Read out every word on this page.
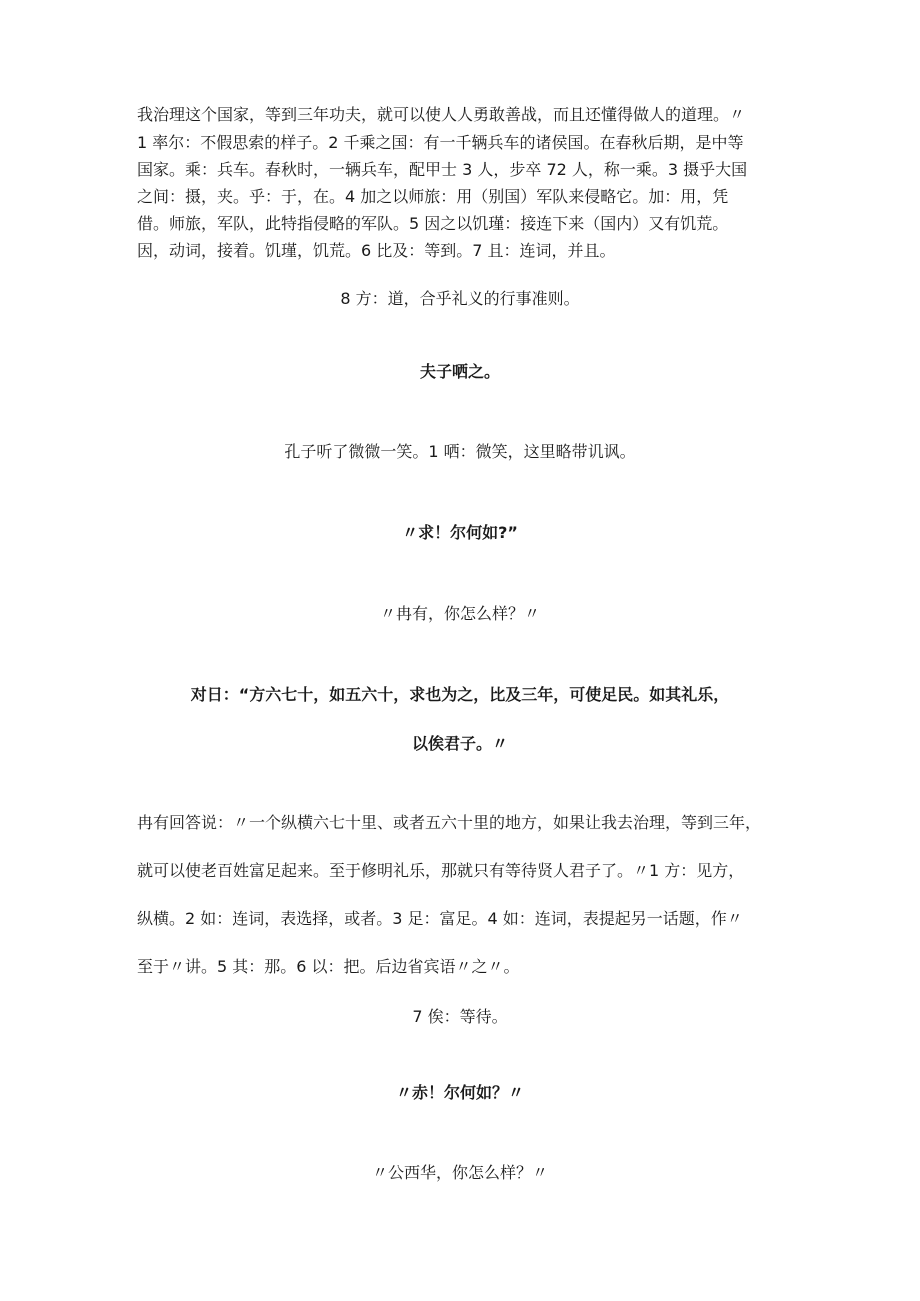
我治理这个国家，等到三年功夫，就可以使人人勇敢善战，而且还懂得做人的道理。〃

1 率尔：不假思索的样子。2 千乘之国：有一千辆兵车的诸侯国。在春秋后期，是中等

国家。乘：兵车。春秋时，一辆兵车，配甲士 3 人，步卒 72 人，称一乘。3 摄乎大国

之间：摄，夹。乎：于，在。4 加之以师旅：用（别国）军队来侵略它。加：用，凭

借。师旅，军队，此特指侵略的军队。5 因之以饥瑾：接连下来（国内）又有饥荒。

因，动词，接着。饥瑾，饥荒。6 比及：等到。7 且：连词，并且。

8 方：道，合乎礼义的行事准则。

夫子哂之。

孔子听了微微一笑。1 哂：微笑，这里略带讥讽。

〃求！尔何如?”

〃冉有，你怎么样？〃

对日：“方六七十，如五六十，求也为之，比及三年，可使足民。如其礼乐，

以俟君子。〃

冉有回答说：〃一个纵横六七十里、或者五六十里的地方，如果让我去治理，等到三年，

就可以使老百姓富足起来。至于修明礼乐，那就只有等待贤人君子了。〃1 方：见方，

纵横。2 如：连词，表选择，或者。3 足：富足。4 如：连词，表提起另一话题，作〃

至于〃讲。5 其：那。6 以：把。后边省宾语〃之〃。

7 俟：等待。

〃赤！尔何如？〃

〃公西华，你怎么样？〃
